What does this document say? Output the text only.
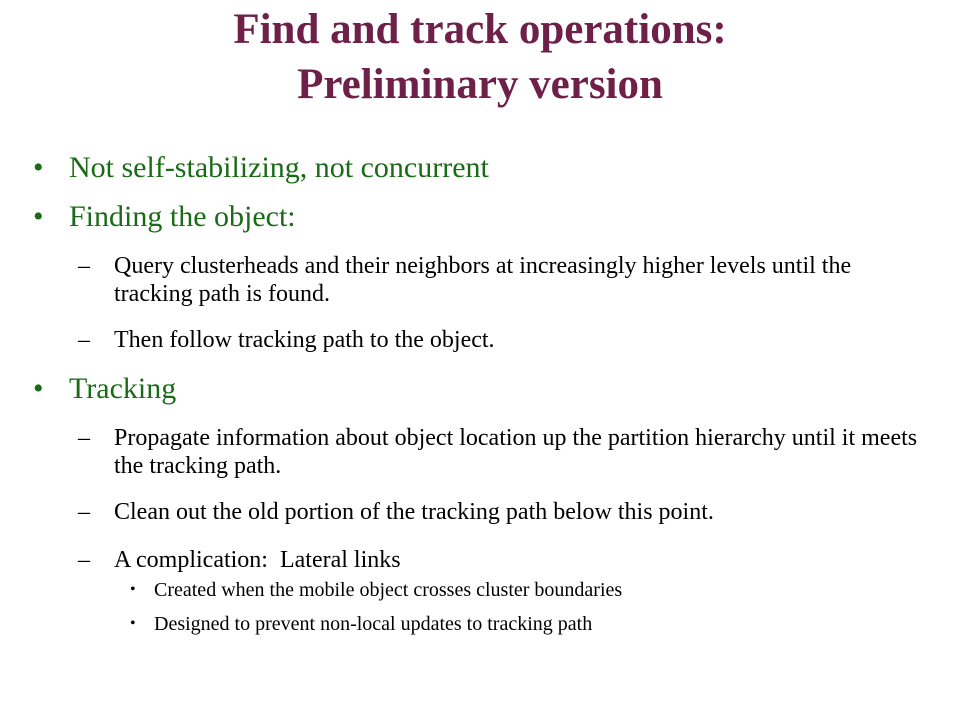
Find and track operations:
Preliminary version
• Not self-stabilizing, not concurrent
• Finding the object:
– Query clusterheads and their neighbors at increasingly higher levels until the tracking path is found.
– Then follow tracking path to the object.
• Tracking
– Propagate information about object location up the partition hierarchy until it meets the tracking path.
– Clean out the old portion of the tracking path below this point.
– A complication:  Lateral links
• Created when the mobile object crosses cluster boundaries
• Designed to prevent non-local updates to tracking path
